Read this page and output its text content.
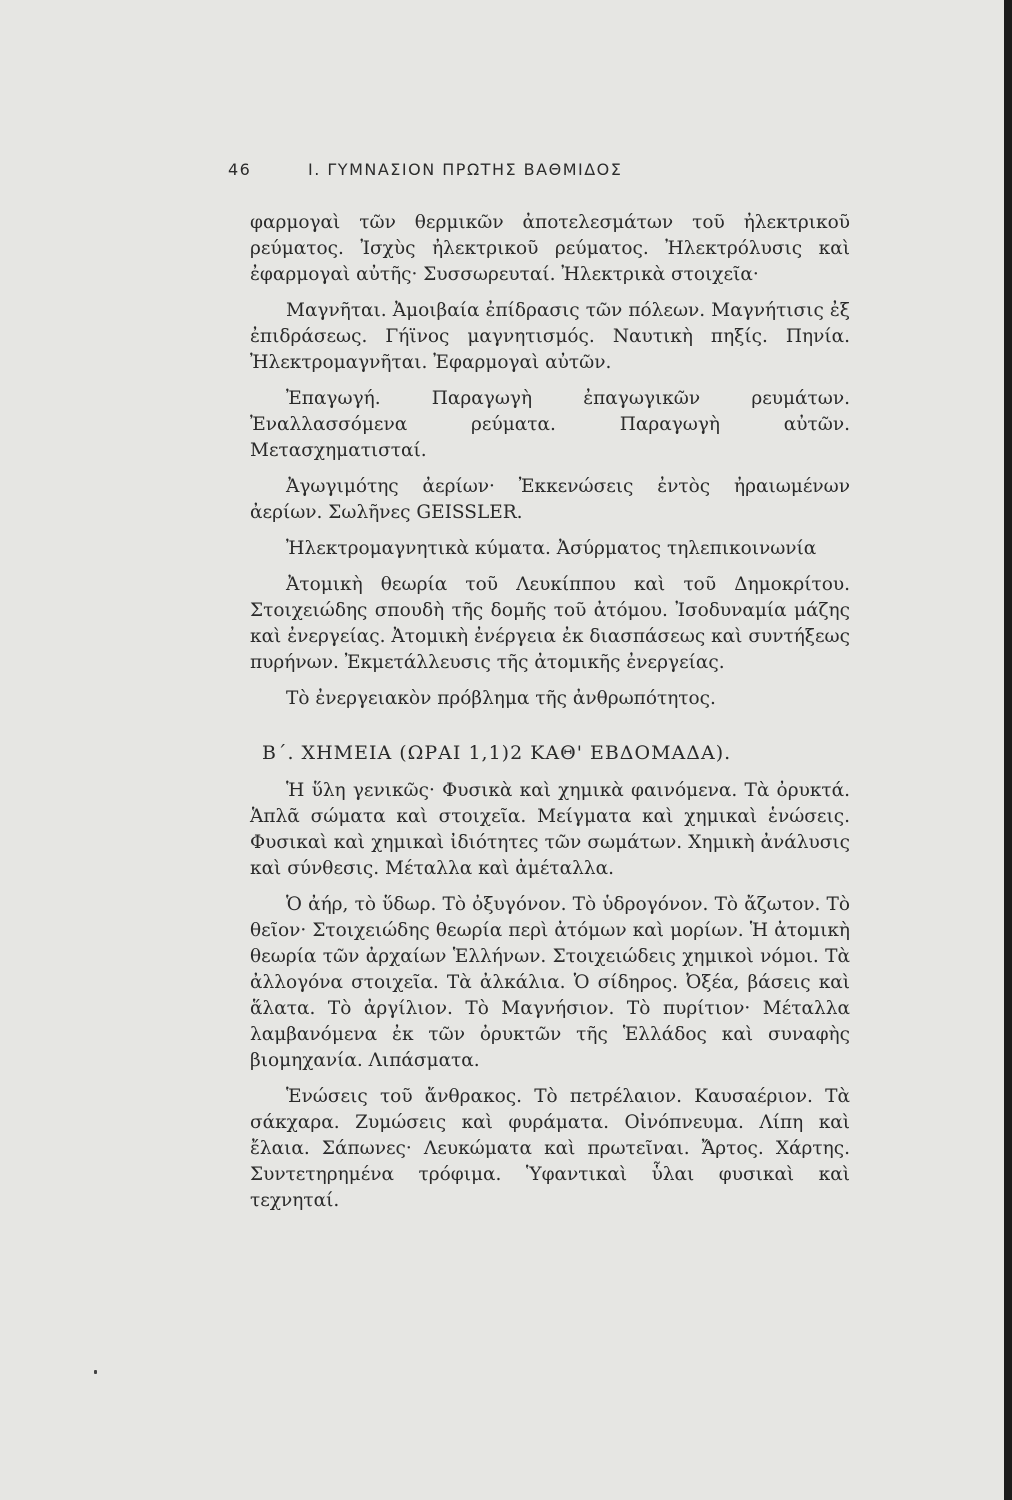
46	Ι. ΓΥΜΝΑΣΙΟΝ ΠΡΩΤΗΣ ΒΑΘΜΙΔΟΣ

φαρμογαὶ τῶν θερμικῶν ἀποτελεσμάτων τοῦ ἠλεκτρικοῦ ρεύματος. Ἰσχὺς ἠλεκτρικοῦ ρεύματος. Ἠλεκτρόλυσις καὶ ἐφαρμογαὶ αὐτῆς· Συσσωρευταί. Ἠλεκτρικὰ στοιχεῖα·

Μαγνῆται. Ἀμοιβαία ἐπίδρασις τῶν πόλεων. Μαγνήτισις ἐξ ἐπιδράσεως. Γήϊνος μαγνητισμός. Ναυτικὴ πηξίς. Πηνία. Ἠλεκτρομαγνῆται. Ἐφαρμογαὶ αὐτῶν.

Ἐπαγωγή. Παραγωγὴ ἐπαγωγικῶν ρευμάτων. Ἐναλλασσόμενα ρεύματα. Παραγωγὴ αὐτῶν. Μετασχηματισταί.

Ἀγωγιμότης ἀερίων· Ἐκκενώσεις ἐντὸς ἠραιωμένων ἀερίων. Σωλῆνες GEISSLER.

Ἠλεκτρομαγνητικὰ κύματα. Ἀσύρματος τηλεπικοινωνία

Ἀτομικὴ θεωρία τοῦ Λευκίππου καὶ τοῦ Δημοκρίτου. Στοιχειώδης σπουδὴ τῆς δομῆς τοῦ ἀτόμου. Ἰσοδυναμία μάζης καὶ ἐνεργείας. Ἀτομικὴ ἐνέργεια ἐκ διασπάσεως καὶ συντήξεως πυρήνων. Ἐκμετάλλευσις τῆς ἀτομικῆς ἐνεργείας.

Τὸ ἐνεργειακὸν πρόβλημα τῆς ἀνθρωπότητος.

Β΄. ΧΗΜΕΙΑ (ΩΡΑΙ 1,1)2 ΚΑΘ' ΕΒΔΟΜΑΔΑ).

Ἡ ὕλη γενικῶς· Φυσικὰ καὶ χημικὰ φαινόμενα. Τὰ ὀρυκτά. Ἁπλᾶ σώματα καὶ στοιχεῖα. Μείγματα καὶ χημικαὶ ἑνώσεις. Φυσικαὶ καὶ χημικαὶ ἰδιότητες τῶν σωμάτων. Χημικὴ ἀνάλυσις καὶ σύνθεσις. Μέταλλα καὶ ἀμέταλλα.

Ὁ ἀήρ, τὸ ὕδωρ. Τὸ ὀξυγόνον. Τὸ ὑδρογόνον. Τὸ ἄζωτον. Τὸ θεῖον· Στοιχειώδης θεωρία περὶ ἀτόμων καὶ μορίων. Ἡ ἀτομικὴ θεωρία τῶν ἀρχαίων Ἑλλήνων. Στοιχειώδεις χημικοὶ νόμοι. Τὰ ἀλλογόνα στοιχεῖα. Τὰ ἀλκάλια. Ὁ σίδηρος. Ὀξέα, βάσεις καὶ ἅλατα. Τὸ ἀργίλιον. Τὸ Μαγνήσιον. Τὸ πυρίτιον· Μέταλλα λαμβανόμενα ἐκ τῶν ὀρυκτῶν τῆς Ἑλλάδος καὶ συναφὴς βιομηχανία. Λιπάσματα.

Ἑνώσεις τοῦ ἄνθρακος. Τὸ πετρέλαιον. Καυσαέριον. Τὰ σάκχαρα. Ζυμώσεις καὶ φυράματα. Οἰνόπνευμα. Λίπη καὶ ἔλαια. Σάπωνες· Λευκώματα καὶ πρωτεῖναι. Ἄρτος. Χάρτης. Συντετηρημένα τρόφιμα. Ὑφαντικαὶ ὗλαι φυσικαὶ καὶ τεχνηταί.
